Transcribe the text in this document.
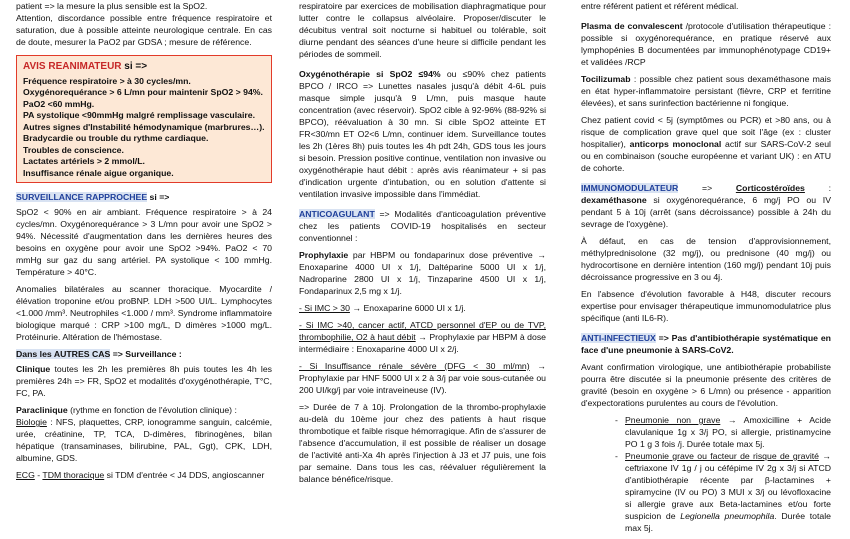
patient => la mesure la plus sensible est la SpO2.
Attention, discordance possible entre fréquence respiratoire et saturation, due à possible atteinte neurologique centrale. En cas de doute, mesurer la PaO2 par GDSA ; mesure de référence.

AVIS REANIMATEUR si =>

Fréquence respiratoire > à 30 cycles/mn.

Oxygénorequérance > 6 L/mn pour maintenir SpO2 > 94%.

PaO2 <60 mmHg.

PA systolique <90mmHg malgré remplissage vasculaire.

Autres signes d'Instabilité hémodynamique (marbrures…).

Bradycardie ou trouble du rythme cardiaque.

Troubles de conscience.

Lactates artériels > 2 mmol/L.

Insuffisance rénale aigue organique.

SURVEILLANCE RAPPROCHEE si =>

SpO2 < 90% en air ambiant. Fréquence respiratoire > à 24 cycles/mn. Oxygénorequérance > 3 L/mn pour avoir une SpO2 > 94%. Nécessité d'augmentation dans les dernières heures des besoins en oxygène pour avoir une SpO2 >94%. PaO2 < 70 mmHg sur gaz du sang artériel. PA systolique < 100 mmHg. Température > 40°C.

Anomalies bilatérales au scanner thoracique. Myocardite / élévation troponine et/ou proBNP. LDH >500 UI/L. Lymphocytes <1.000 /mm³. Neutrophiles <1.000 / mm³. Syndrome inflammatoire biologique marqué : CRP >100 mg/L, D dimères >1000 mg/L. Protéinurie. Altération de l'hémostase.

Dans les AUTRES CAS => Surveillance :

Clinique toutes les 2h les premières 8h puis toutes les 4h les premières 24h => FR, SpO2 et modalités d'oxygénothérapie, T°C, FC, PA.

Paraclinique (rythme en fonction de l'évolution clinique) :

Biologie : NFS, plaquettes, CRP, ionogramme sanguin, calcémie, urée, créatinine, TP, TCA, D-dimères, fibrinogènes, bilan hépatique (transaminases, bilirubine, PAL, Ggt), CPK, LDH, albumine, GDS.

ECG - TDM thoracique si TDM d'entrée < J4 DDS, angioscanner

respiratoire par exercices de mobilisation diaphragmatique pour lutter contre le collapsus alvéolaire. Proposer/discuter le décubitus ventral soit nocturne si habituel ou tolérable, soit diurne pendant des séances d'une heure si difficile pendant les périodes de sommeil.

Oxygénothérapie si SpO2 ≤94% ou ≤90% chez patients BPCO / IRCO => Lunettes nasales jusqu'à débit 4-6L puis masque simple jusqu'à 9 L/mn, puis masque haute concentration (avec réservoir). SpO2 cible à 92-96% (88-92% si BPCO), réévaluation à 30 mn. Si cible SpO2 atteinte ET FR<30/mn ET O2<6 L/mn, continuer idem. Surveillance toutes les 2h (1ères 8h) puis toutes les 4h pdt 24h, GDS tous les jours si besoin. Pression positive continue, ventilation non invasive ou oxygénothérapie haut débit : après avis réanimateur + si pas d'indication urgente d'intubation, ou en solution d'attente si ventilation invasive impossible dans l'immédiat.

ANTICOAGULANT => Modalités d'anticoagulation préventive chez les patients COVID-19 hospitalisés en secteur conventionnel :

Prophylaxie par HBPM ou fondaparinux dose préventive → Enoxaparine 4000 UI x 1/j, Daltéparine 5000 UI x 1/j, Nadroparine 2800 UI x 1/j, Tinzaparine 4500 UI x 1/j, Fondaparinux 2,5 mg x 1/j.

- Si IMC > 30 → Enoxaparine 6000 UI x 1/j.

- Si IMC >40, cancer actif, ATCD personnel d'EP ou de TVP, thrombophilie, O2 à haut débit → Prophylaxie par HBPM à dose intermédiaire : Enoxaparine 4000 UI x 2/j.

- Si Insuffisance rénale sévère (DFG < 30 ml/mn) → Prophylaxie par HNF 5000 UI x 2 à 3/j par voie sous-cutanée ou 200 UI/kg/j par voie intraveineuse (IV).

=> Durée de 7 à 10j. Prolongation de la thrombo-prophylaxie au-delà du 10ème jour chez des patients à haut risque thrombotique et faible risque hémorragique. Afin de s'assurer de l'absence d'accumulation, il est possible de réaliser un dosage de l'activité anti-Xa 4h après l'injection à J3 et J7 puis, une fois par semaine. Dans tous les cas, réévaluer régulièrement la balance bénéfice/risque.

entre référent patient et référent médical.

Plasma de convalescent /protocole d'utilisation thérapeutique : possible si oxygénorequérance, en pratique réservé aux lymphopénies B documentées par immunophénotypage CD19+ et validées /RCP

Tocilizumab : possible chez patient sous dexaméthasone mais en état hyper-inflammatoire persistant (fièvre, CRP et ferritine élevées), et sans surinfection bactérienne ni fongique.

Chez patient covid < 5j (symptômes ou PCR) et >80 ans, ou à risque de complication grave quel que soit l'âge (ex : cluster hospitalier), anticorps monoclonal actif sur SARS-CoV-2 seul ou en combinaison (souche européenne et variant UK) : en ATU de cohorte.

IMMUNOMODULATEUR => Corticostéroïdes : dexaméthasone si oxygénorequérance, 6 mg/j PO ou IV pendant 5 à 10j (arrêt (sans décroissance) possible à 24h du sevrage de l'oxygène).

À défaut, en cas de tension d'approvisionnement, méthylprednisolone (32 mg/j), ou prednisone (40 mg/j) ou hydrocortisone en dernière intention (160 mg/j) pendant 10j puis décroissance progressive en 3 ou 4j.

En l'absence d'évolution favorable à H48, discuter recours expertise pour envisager thérapeutique immunomodulatrice plus spécifique (anti IL6-R).

ANTI-INFECTIEUX => Pas d'antibiothérapie systématique en face d'une pneumonie à SARS-CoV2.

Avant confirmation virologique, une antibiothérapie probabiliste pourra être discutée si la pneumonie présente des critères de gravité (besoin en oxygène > 6 L/mn) ou présence - apparition d'expectorations purulentes au cours de l'évolution.

- Pneumonie non grave → Amoxicilline + Acide clavulanique 1g x 3/j PO, si allergie, pristinamycine PO 1 g 3 fois /j. Durée totale max 5j.
- Pneumonie grave ou facteur de risque de gravité → ceftriaxone IV 1g / j ou céfépime IV 2g x 3/j si ATCD d'antibiothérapie récente par β-lactamines + spiramycine (IV ou PO) 3 MUI x 3/j ou lévofloxacine si allergie grave aux Beta-lactamines et/ou forte suspicion de Legionella pneumophila. Durée totale max 5j.
